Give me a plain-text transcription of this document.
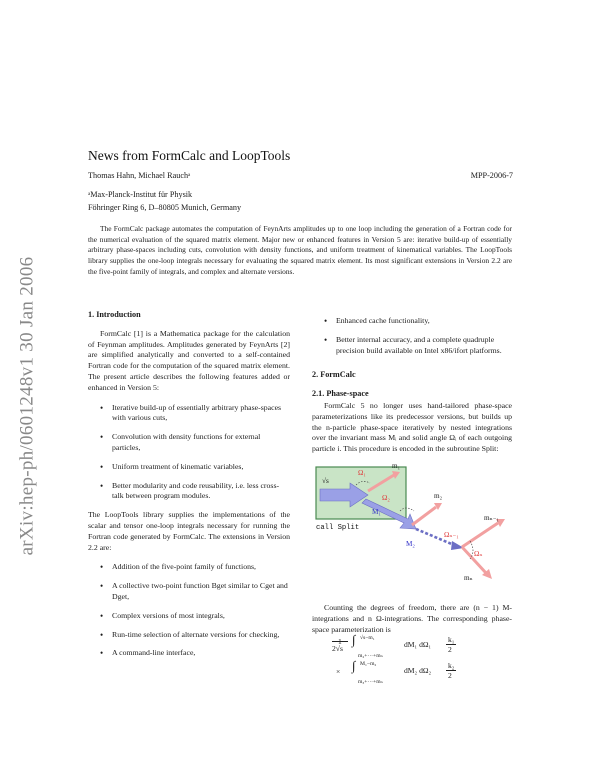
arXiv:hep-ph/0601248v1 30 Jan 2006
News from FormCalc and LoopTools
Thomas Hahn, Michael Rauchᵃ	MPP-2006-7
ᵃMax-Planck-Institut für Physik
Föhringer Ring 6, D–80805 Munich, Germany
The FormCalc package automates the computation of FeynArts amplitudes up to one loop including the generation of a Fortran code for the numerical evaluation of the squared matrix element. Major new or enhanced features in Version 5 are: iterative build-up of essentially arbitrary phase-spaces including cuts, convolution with density functions, and uniform treatment of kinematical variables. The LoopTools library supplies the one-loop integrals necessary for evaluating the squared matrix element. Its most significant extensions in Version 2.2 are the five-point family of integrals, and complex and alternate versions.
1. Introduction

FormCalc [1] is a Mathematica package for the calculation of Feynman amplitudes. Amplitudes generated by FeynArts [2] are simplified analytically and converted to a self-contained Fortran code for the computation of the squared matrix element. The present article describes the following features added or enhanced in Version 5:

• Iterative build-up of essentially arbitrary phase-spaces with various cuts,
• Convolution with density functions for external particles,
• Uniform treatment of kinematic variables,
• Better modularity and code reusability, i.e. less cross-talk between program modules.

The LoopTools library supplies the implementations of the scalar and tensor one-loop integrals necessary for running the Fortran code generated by FormCalc. The extensions in Version 2.2 are:

• Addition of the five-point family of functions,
• A collective two-point function Bget similar to Cget and Dget,
• Complex versions of most integrals,
• Run-time selection of alternate versions for checking,
• A command-line interface,
• Enhanced cache functionality,
• Better internal accuracy, and a complete quadruple precision build available on Intel x86/ifort platforms.
2. FormCalc
2.1. Phase-space

FormCalc 5 no longer uses hand-tailored phase-space parameterizations like its predecessor versions, but builds up the n-particle phase-space iteratively by nested integrations over the invariant mass Mᵢ and solid angle Ωᵢ of each outgoing particle i. This procedure is encoded in the subroutine Split:

√s
Ω₁
m₁
Ω₂
M₁
m₂
call Split
M₂
Ωₙ₋₁
mₙ₋₁
Ωₙ
mₙ

Counting the degrees of freedom, there are (n − 1) M-integrations and n Ω-integrations. The corresponding phase-space parameterization is

1
2√s
∫ √s−m₁
m₂+···+mₙ
dM₁ dΩ₁
k₁
2
× ∫ M₁−m₂
m₃+···+mₙ
dM₂ dΩ₂
k₂
2
